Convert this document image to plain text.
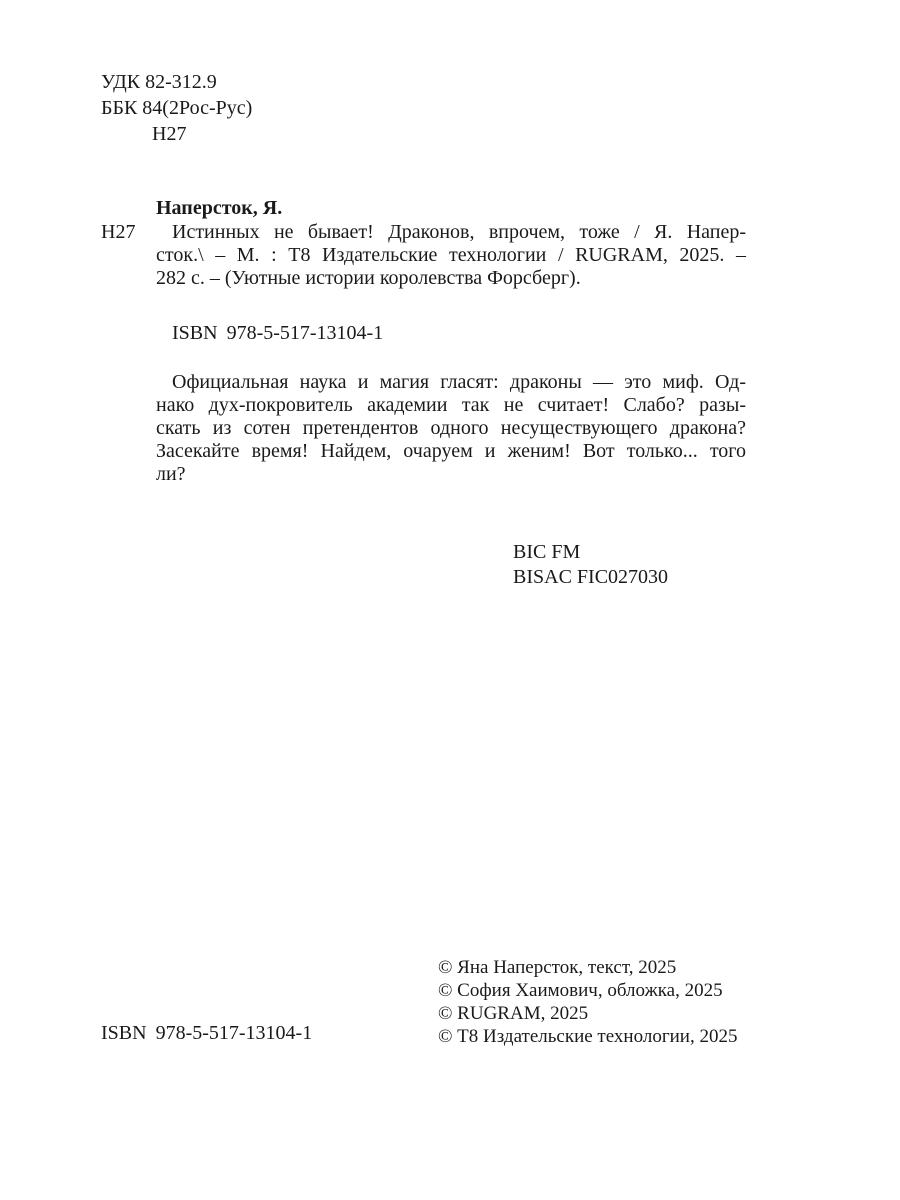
УДК 82-312.9
ББК 84(2Рос-Рус)
Н27
Наперсток, Я.
Н27	Истинных не бывает! Драконов, впрочем, тоже / Я. Напер-
сток.\ – М. : Т8 Издательские технологии / RUGRAM, 2025. –
282 с. – (Уютные истории королевства Форсберг).
ISBN 978-5-517-13104-1
Официальная наука и магия гласят: драконы — это миф. Од-
нако дух-покровитель академии так не считает! Слабо? разы-
скать из сотен претендентов одного несуществующего дракона?
Засекайте время! Найдем, очаруем и женим! Вот только... того
ли?
BIC FM
BISAC FIC027030
ISBN 978-5-517-13104-1
© Яна Наперсток, текст, 2025
© София Хаимович, обложка, 2025
© RUGRAM, 2025
© Т8 Издательские технологии, 2025
